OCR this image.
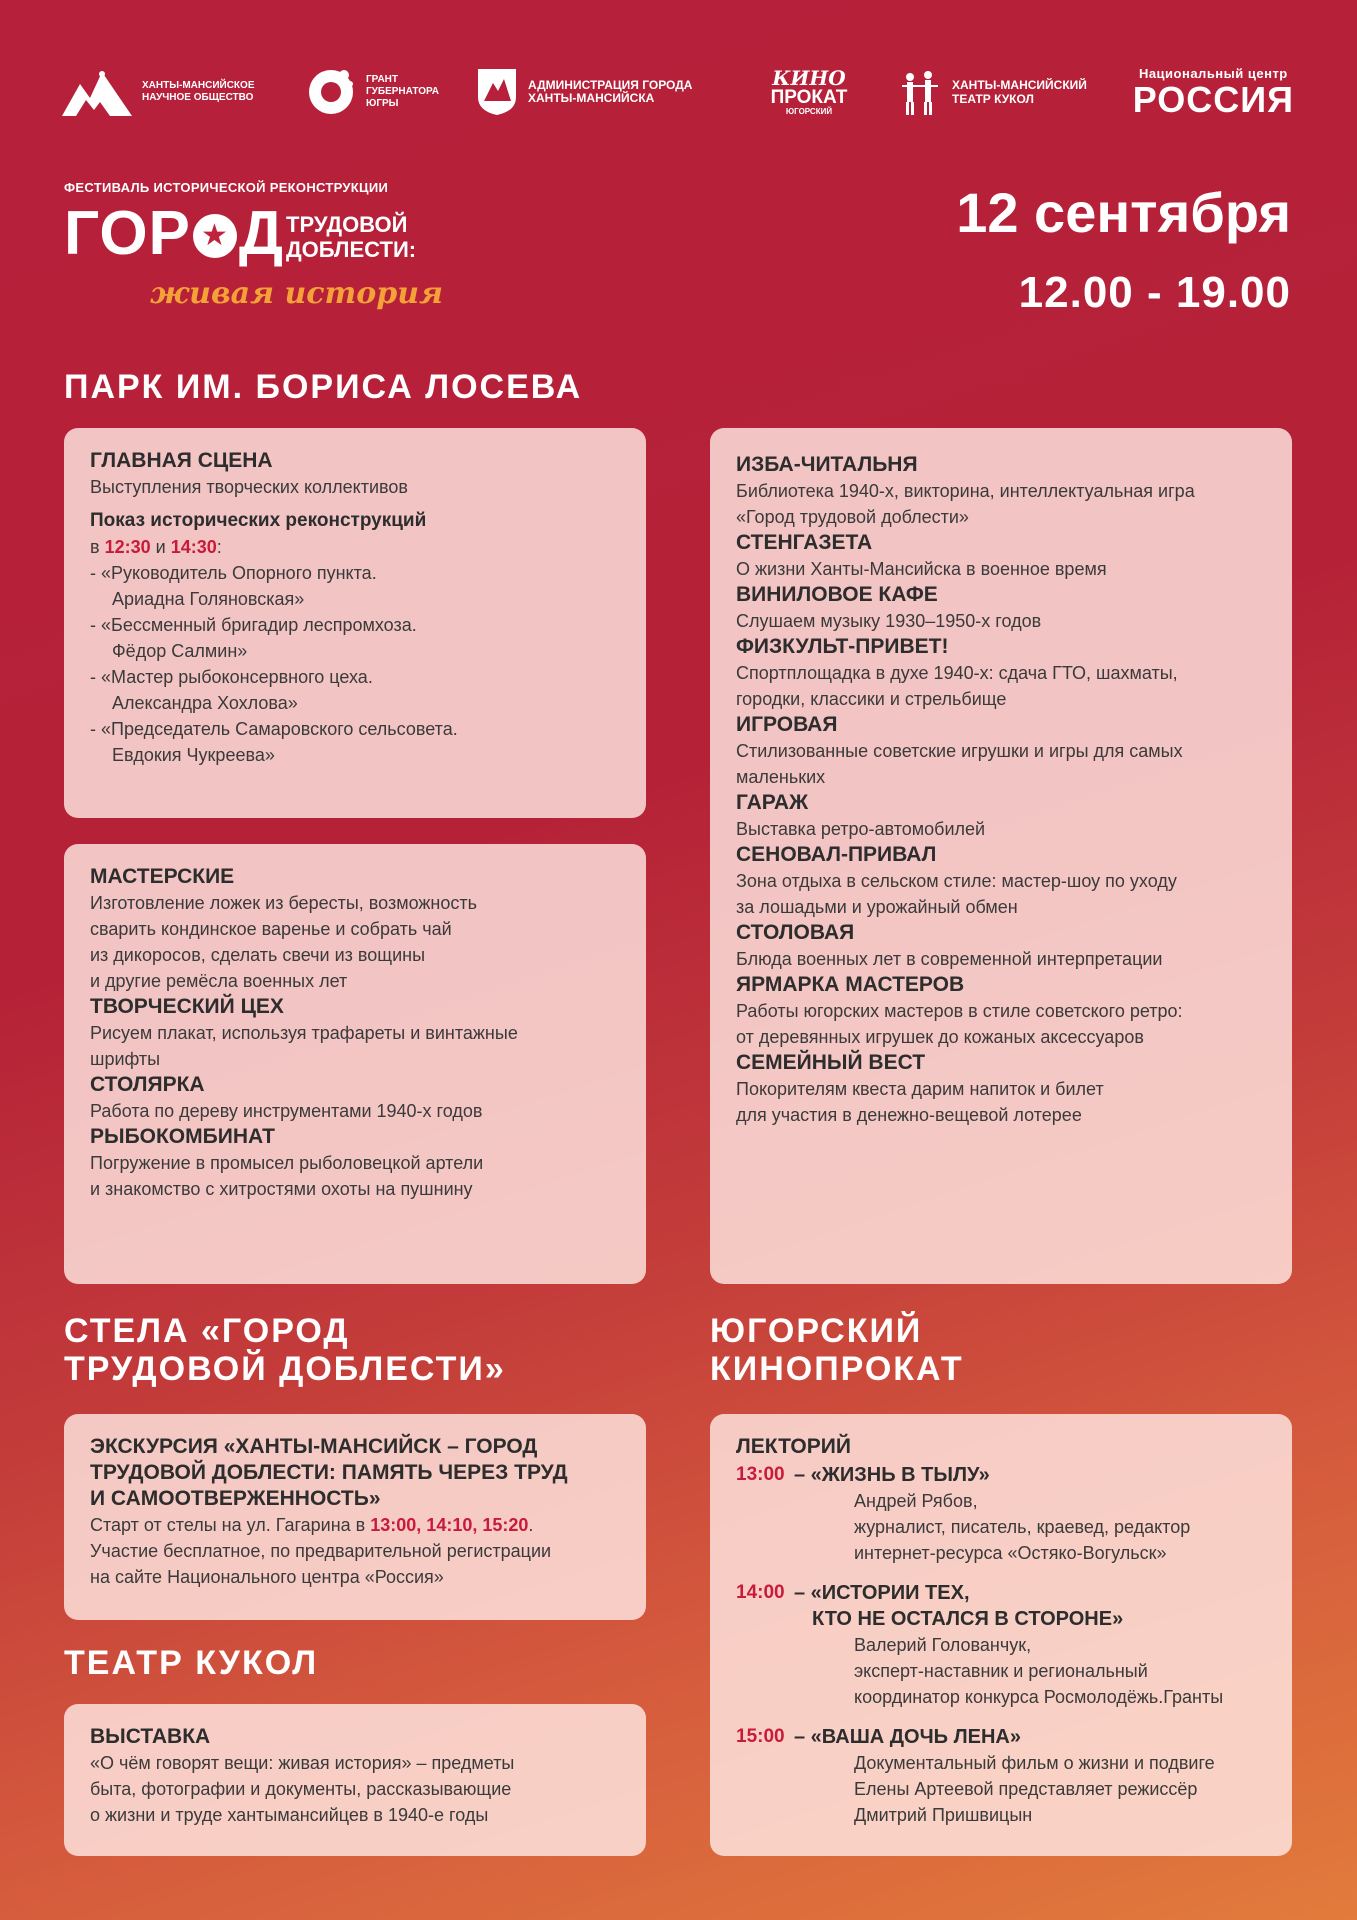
ХАНТЫ-МАНСИЙСКОЕ НАУЧНОЕ ОБЩЕСТВО
ГРАНТ ГУБЕРНАТОРА ЮГРЫ
АДМИНИСТРАЦИЯ ГОРОДА ХАНТЫ-МАНСИЙСКА
КИНО
ПРОКАТ
ЮГОРСКИЙ
ХАНТЫ-МАНСИЙСКИЙ ТЕАТР КУКОЛ
Национальный центр
РОССИЯ
ФЕСТИВАЛЬ ИСТОРИЧЕСКОЙ РЕКОНСТРУКЦИИ
ГОР★ Д ТРУДОВОЙ
ДОБЛЕСТИ:
живая история
12 сентября
12.00 - 19.00
ПАРК ИМ. БОРИСА ЛОСЕВА
ГЛАВНАЯ СЦЕНА
Выступления творческих коллективов
Показ исторических реконструкций
в 12:30 и 14:30:
- «Руководитель Опорного пункта.
Ариадна Голяновская»
- «Бессменный бригадир леспромхоза.
Фёдор Салмин»
- «Мастер рыбоконсервного цеха.
Александра Хохлова»
- «Председатель Самаровского сельсовета.
Евдокия Чукреева»
МАСТЕРСКИЕ
Изготовление ложек из бересты, возможность
сварить кондинское варенье и собрать чай
из дикоросов, сделать свечи из вощины
и другие ремёсла военных лет
ТВОРЧЕСКИЙ ЦЕХ
Рисуем плакат, используя трафареты и винтажные
шрифты
СТОЛЯРКА
Работа по дереву инструментами 1940-х годов
РЫБОКОМБИНАТ
Погружение в промысел рыболовецкой артели
и знакомство с хитростями охоты на пушнину
ИЗБА-ЧИТАЛЬНЯ
Библиотека 1940-х, викторина, интеллектуальная игра
«Город трудовой доблести»
СТЕНГАЗЕТА
О жизни Ханты-Мансийска в военное время
ВИНИЛОВОЕ КАФЕ
Слушаем музыку 1930–1950-х годов
ФИЗКУЛЬТ-ПРИВЕТ!
Спортплощадка в духе 1940-х: сдача ГТО, шахматы,
городки, классики и стрельбище
ИГРОВАЯ
Стилизованные советские игрушки и игры для самых
маленьких
ГАРАЖ
Выставка ретро-автомобилей
СЕНОВАЛ-ПРИВАЛ
Зона отдыха в сельском стиле: мастер-шоу по уходу
за лошадьми и урожайный обмен
СТОЛОВАЯ
Блюда военных лет в современной интерпретации
ЯРМАРКА МАСТЕРОВ
Работы югорских мастеров в стиле советского ретро:
от деревянных игрушек до кожаных аксессуаров
СЕМЕЙНЫЙ ВЕСТ
Покорителям квеста дарим напиток и билет
для участия в денежно-вещевой лотерее
СТЕЛА «ГОРОД
ТРУДОВОЙ ДОБЛЕСТИ»
ЭКСКУРСИЯ «ХАНТЫ-МАНСИЙСК – ГОРОД
ТРУДОВОЙ ДОБЛЕСТИ: ПАМЯТЬ ЧЕРЕЗ ТРУД
И САМООТВЕРЖЕННОСТЬ»
Старт от стелы на ул. Гагарина в 13:00, 14:10, 15:20.
Участие бесплатное, по предварительной регистрации
на сайте Национального центра «Россия»
ТЕАТР КУКОЛ
ВЫСТАВКА
«О чём говорят вещи: живая история» – предметы
быта, фотографии и документы, рассказывающие
о жизни и труде хантымансийцев в 1940-е годы
ЮГОРСКИЙ
КИНОПРОКАТ
ЛЕКТОРИЙ
13:00 – «ЖИЗНЬ В ТЫЛУ»
Андрей Рябов,
журналист, писатель, краевед, редактор
интернет-ресурса «Остяко-Вогульск»
14:00 – «ИСТОРИИ ТЕХ,
КТО НЕ ОСТАЛСЯ В СТОРОНЕ»
Валерий Голованчук,
эксперт-наставник и региональный
координатор конкурса Росмолодёжь.Гранты
15:00 – «ВАША ДОЧЬ ЛЕНА»
Документальный фильм о жизни и подвиге
Елены Артеевой представляет режиссёр
Дмитрий Пришвицын
